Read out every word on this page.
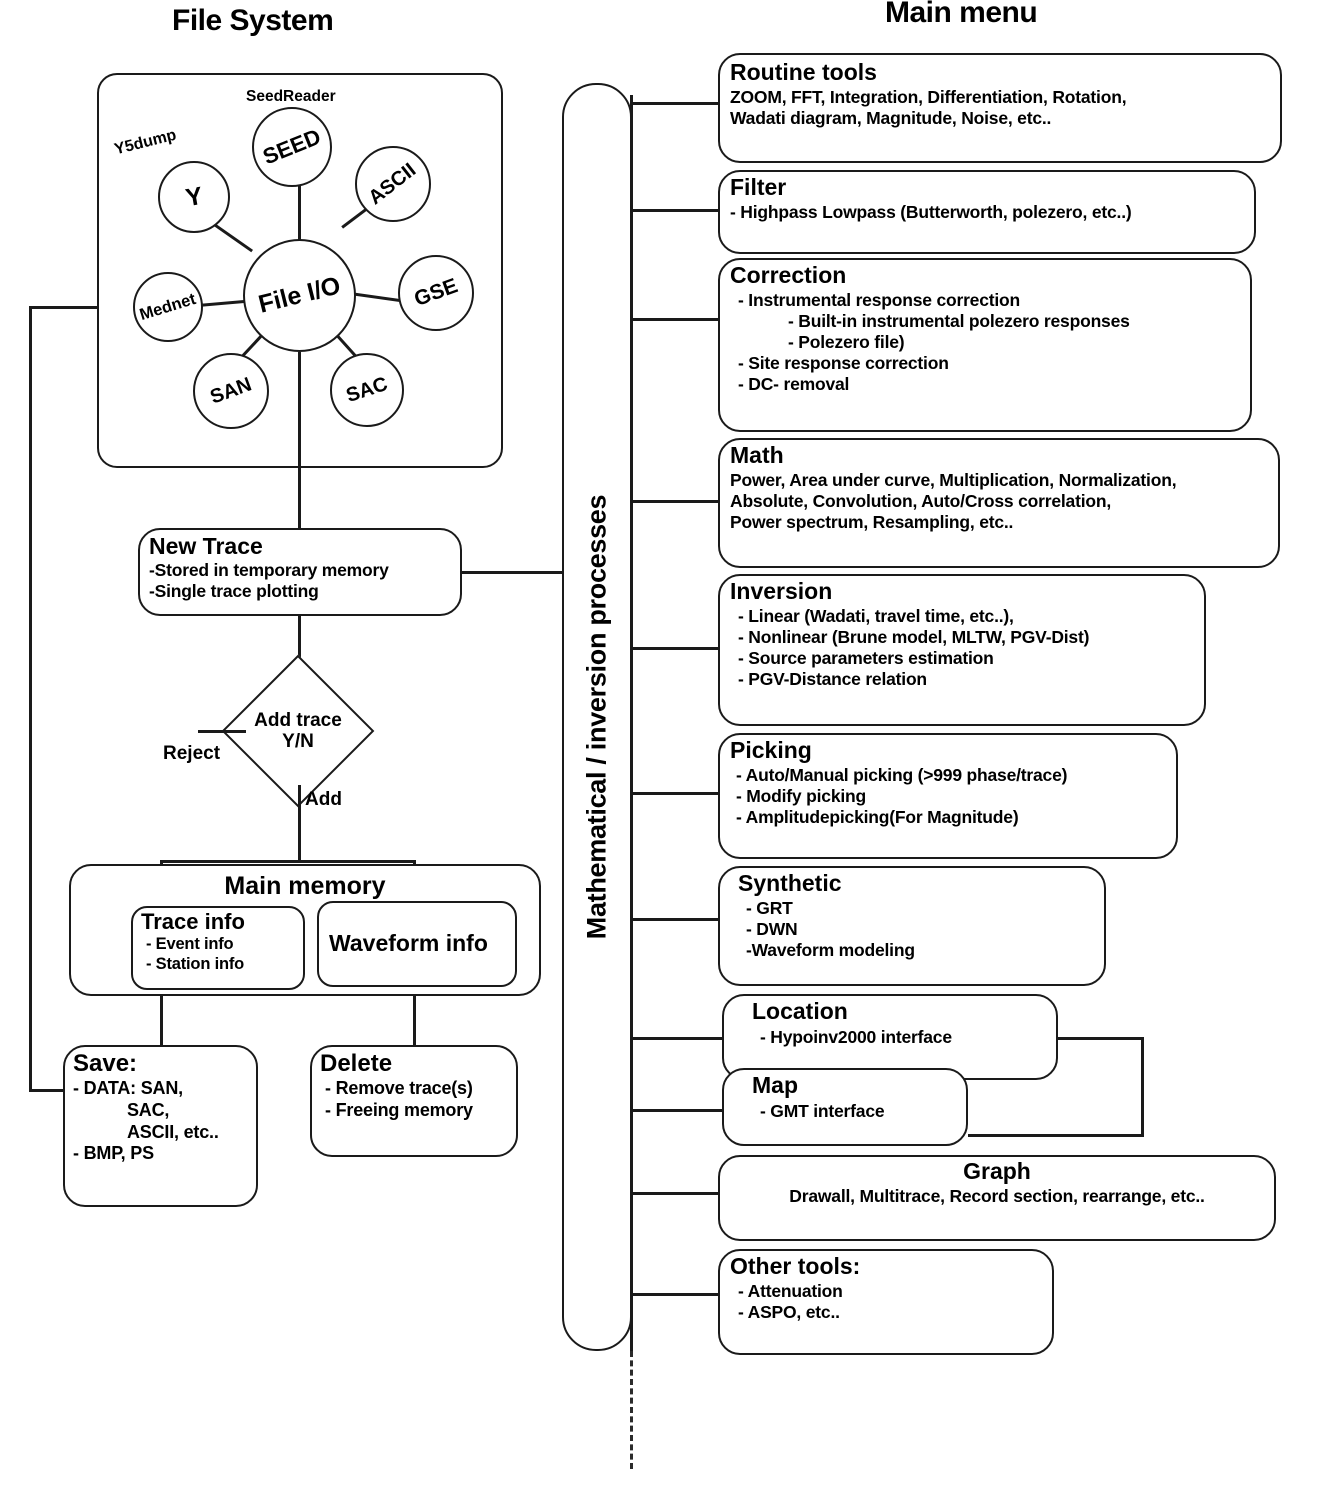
File System	Main menu
File I/O
SEED
SeedReader
ASCII
GSE
SAC
SAN
Mednet
Y
Y5dump

New Trace

-Stored in temporary memory

-Single trace plotting

Add trace
Y/N
Reject
Add
Main memory

Trace info

- Event info

- Station info

Waveform info

Save:

- DATA: SAN,

SAC,

ASCII, etc..

- BMP, PS

Delete

- Remove trace(s)

- Freeing memory

Mathematical / inversion processes

Routine tools

ZOOM, FFT, Integration, Differentiation, Rotation,

Wadati diagram, Magnitude, Noise, etc..

Filter

- Highpass Lowpass (Butterworth, polezero, etc..)

Correction

- Instrumental response correction

- Built-in instrumental polezero responses

- Polezero file)

- Site response correction

- DC- removal

Math

Power, Area under curve, Multiplication, Normalization,

Absolute, Convolution, Auto/Cross correlation,

Power spectrum, Resampling, etc..

Inversion

- Linear (Wadati, travel time, etc..),

- Nonlinear (Brune model, MLTW, PGV-Dist)

- Source parameters estimation

- PGV-Distance relation

Picking

- Auto/Manual picking (>999 phase/trace)

- Modify picking

- Amplitudepicking(For Magnitude)

Synthetic

- GRT

- DWN

-Waveform modeling

Location

- Hypoinv2000 interface

Map

- GMT interface

Graph

Drawall, Multitrace, Record section, rearrange, etc..

Other tools:

- Attenuation

- ASPO, etc..
